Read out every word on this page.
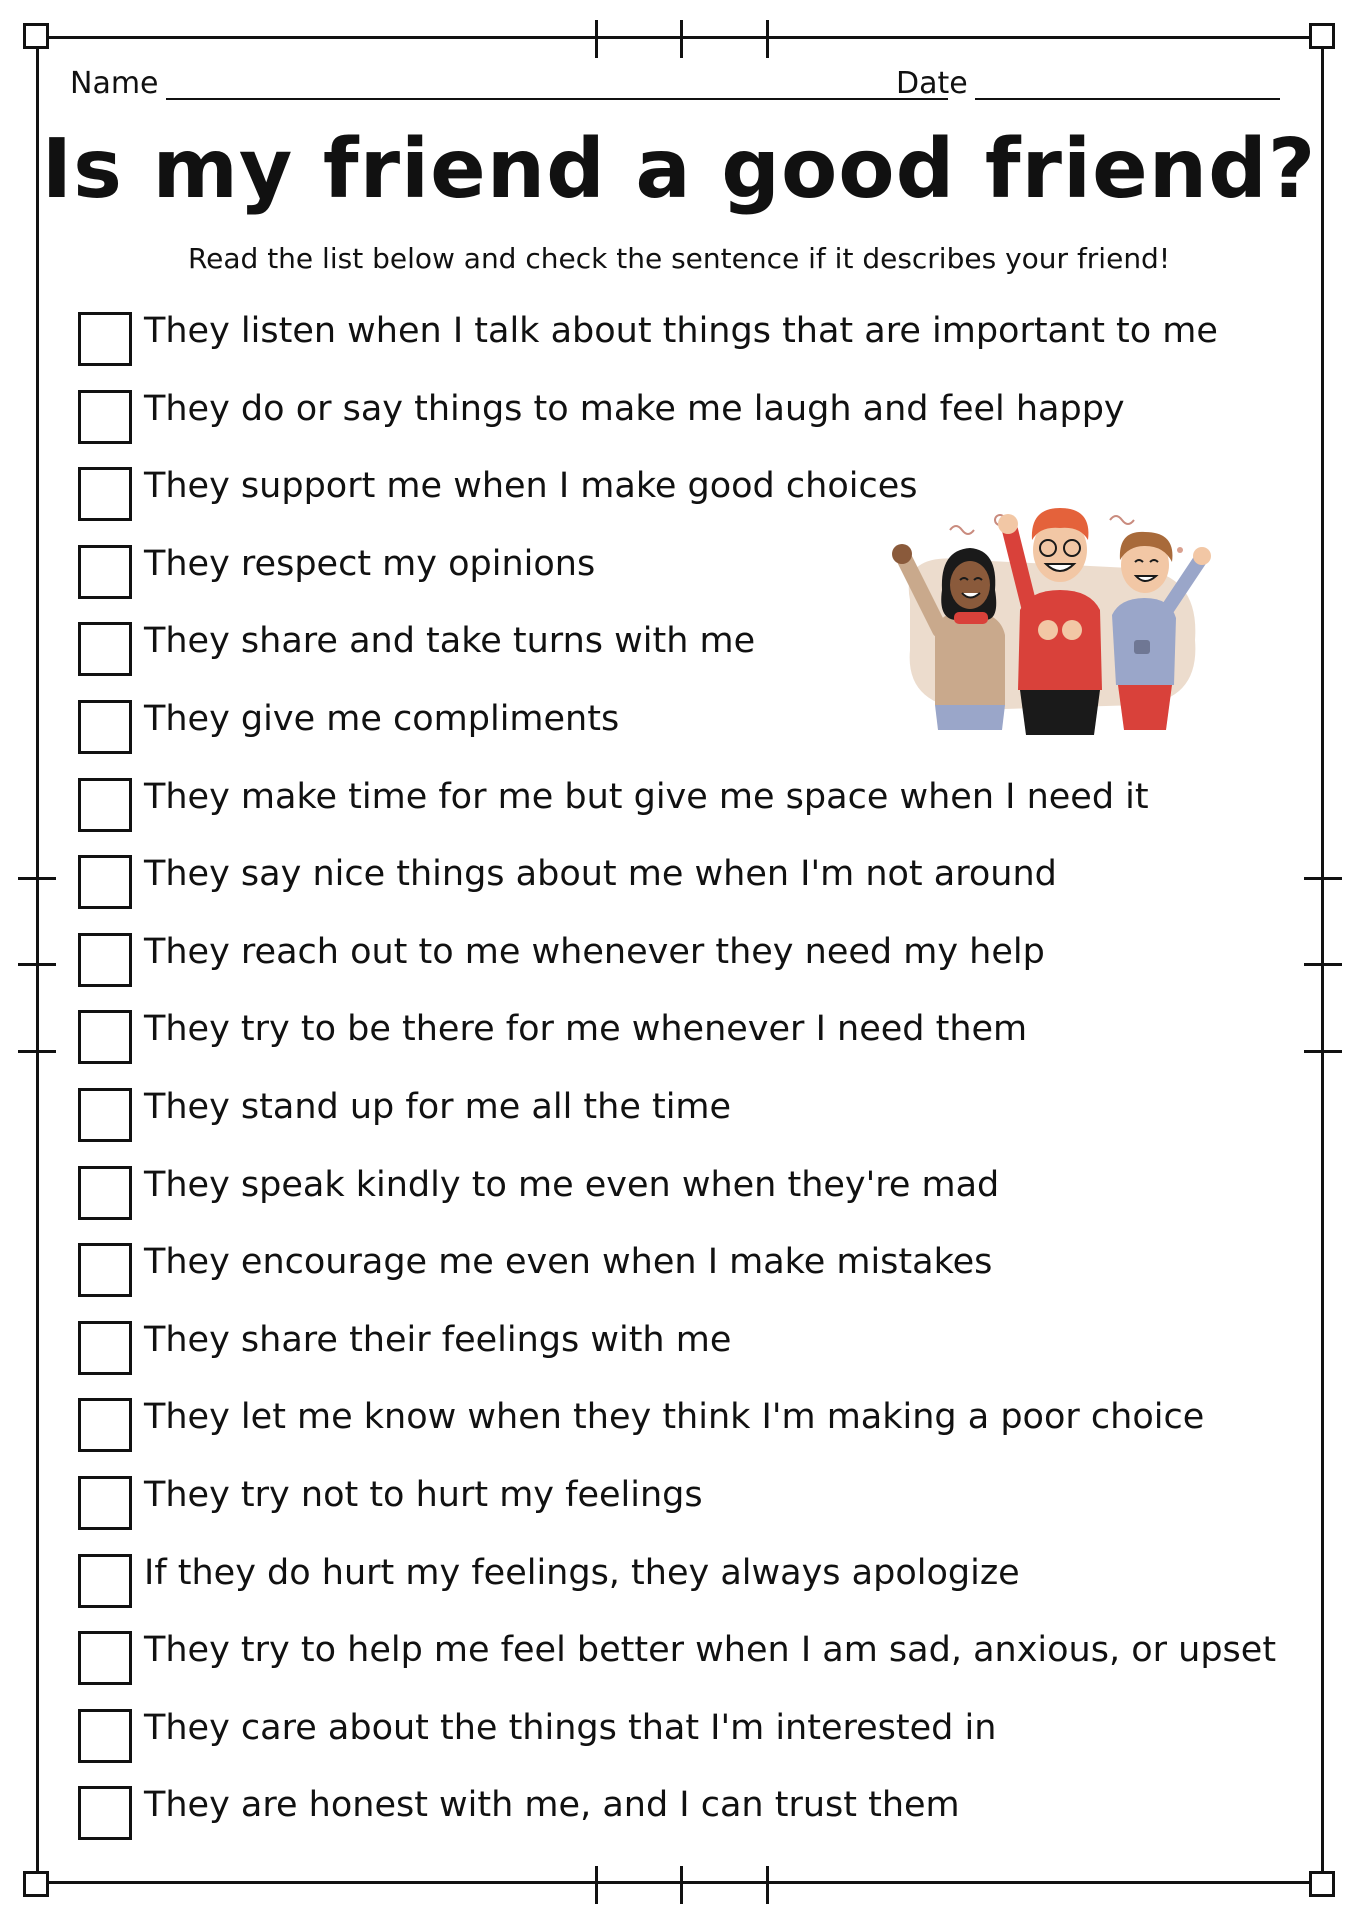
Name	Date
Is my friend a good friend?
Read the list below and check the sentence if it describes your friend!
They listen when I talk about things that are important to me
They do or say things to make me laugh and feel happy
They support me when I make good choices
They respect my opinions
They share and take turns with me
They give me compliments
They make time for me but give me space when I need it
They say nice things about me when I'm not around
They reach out to me whenever they need my help
They try to be there for me whenever I need them
They stand up for me all the time
They speak kindly to me even when they're mad
They encourage me even when I make mistakes
They share their feelings with me
They let me know when they think I'm making a poor choice
They try not to hurt my feelings
If they do hurt my feelings, they always apologize
They try to help me feel better when I am sad, anxious, or upset
They care about the things that I'm interested in
They are honest with me, and I can trust them
